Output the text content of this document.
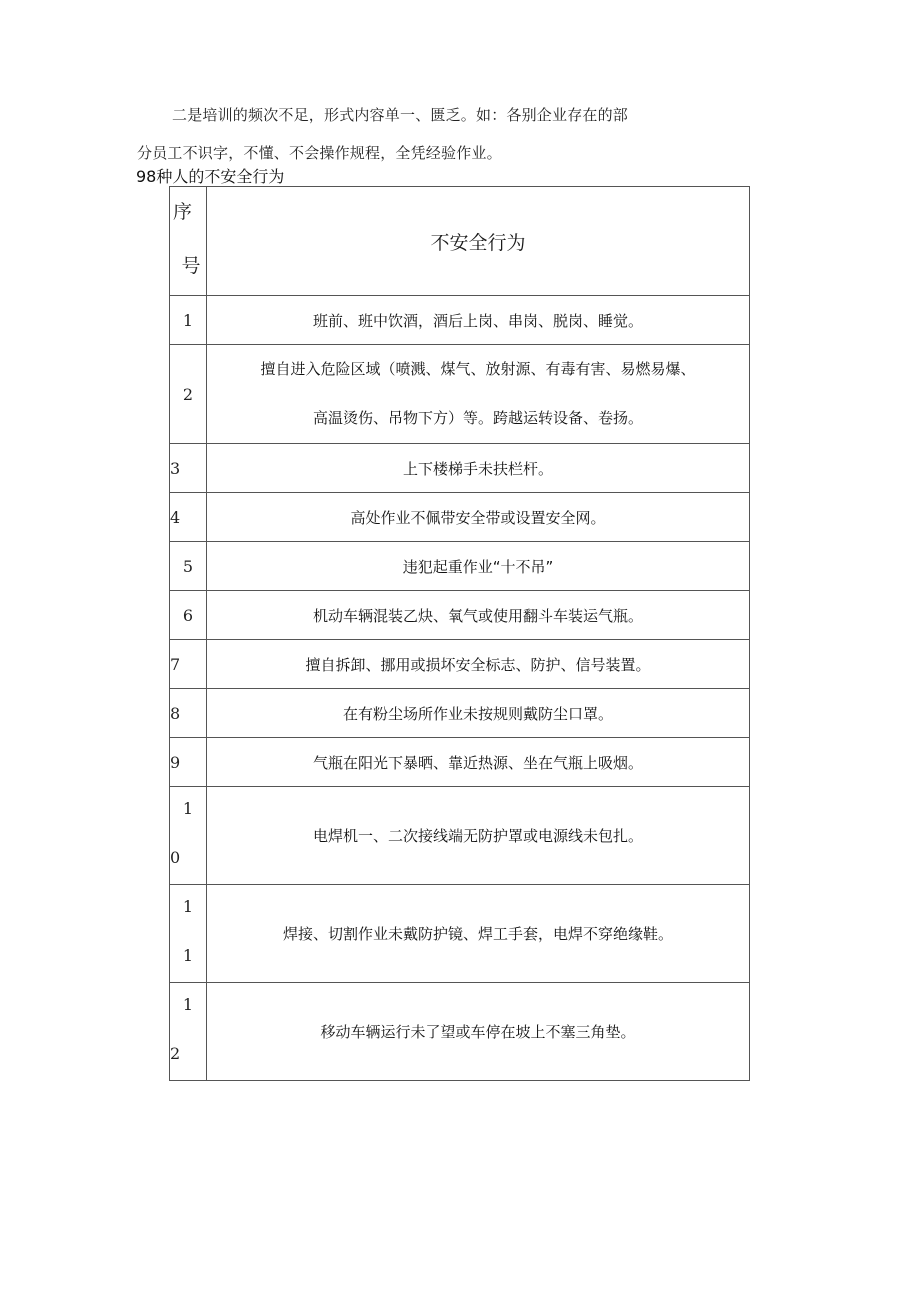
二是培训的频次不足，形式内容单一、匮乏。如：各别企业存在的部
分员工不识字，不懂、不会操作规程，全凭经验作业。
98种人的不安全行为
序
号	不安全行为
1	班前、班中饮酒，酒后上岗、串岗、脱岗、睡觉。
2	擅自进入危险区域（喷溅、煤气、放射源、有毒有害、易燃易爆、
高温烫伤、吊物下方）等。跨越运转设备、卷扬。

3	上下楼梯手未扶栏杆。
4	高处作业不佩带安全带或设置安全网。
5	违犯起重作业“十不吊”
6	机动车辆混装乙炔、氧气或使用翻斗车装运气瓶。
7	擅自拆卸、挪用或损坏安全标志、防护、信号装置。
8	在有粉尘场所作业未按规则戴防尘口罩。
9	气瓶在阳光下暴晒、靠近热源、坐在气瓶上吸烟。

1
0	电焊机一、二次接线端无防护罩或电源线未包扎。

1
1	焊接、切割作业未戴防护镜、焊工手套，电焊不穿绝缘鞋。

1
2	移动车辆运行未了望或车停在坡上不塞三角垫。
